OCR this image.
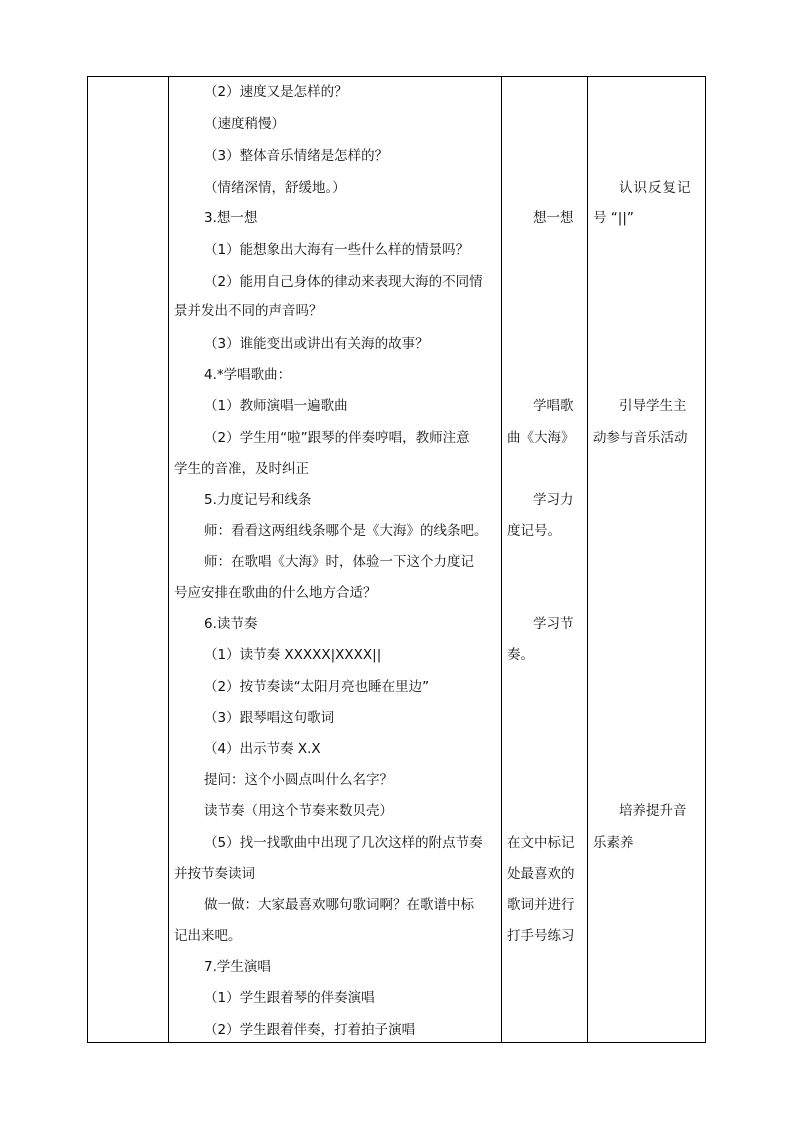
（2）速度又是怎样的？
（速度稍慢）
（3）整体音乐情绪是怎样的？
（情绪深情，舒缓地。）
3.想一想
（1）能想象出大海有一些什么样的情景吗？
（2）能用自己身体的律动来表现大海的不同情
景并发出不同的声音吗？
（3）谁能变出或讲出有关海的故事？
4.*学唱歌曲：
（1）教师演唱一遍歌曲
（2）学生用“啦”跟琴的伴奏哼唱，教师注意
学生的音准，及时纠正
5.力度记号和线条
师：看看这两组线条哪个是《大海》的线条吧。
师：在歌唱《大海》时，体验一下这个力度记
号应安排在歌曲的什么地方合适？
6.读节奏
（1）读节奏 XXXXX|XXXX||
（2）按节奏读“太阳月亮也睡在里边”
（3）跟琴唱这句歌词
（4）出示节奏 X.X
提问：这个小圆点叫什么名字？
读节奏（用这个节奏来数贝壳）
（5）找一找歌曲中出现了几次这样的附点节奏
并按节奏读词
做一做：大家最喜欢哪句歌词啊？在歌谱中标
记出来吧。
7.学生演唱
（1）学生跟着琴的伴奏演唱
（2）学生跟着伴奏，打着拍子演唱
想一想
学唱歌
曲《大海》
学习力
度记号。
学习节
奏。
在文中标记
处最喜欢的
歌词并进行
打手号练习
认识反复记
号 “||”
引导学生主
动参与音乐活动
培养提升音
乐素养
